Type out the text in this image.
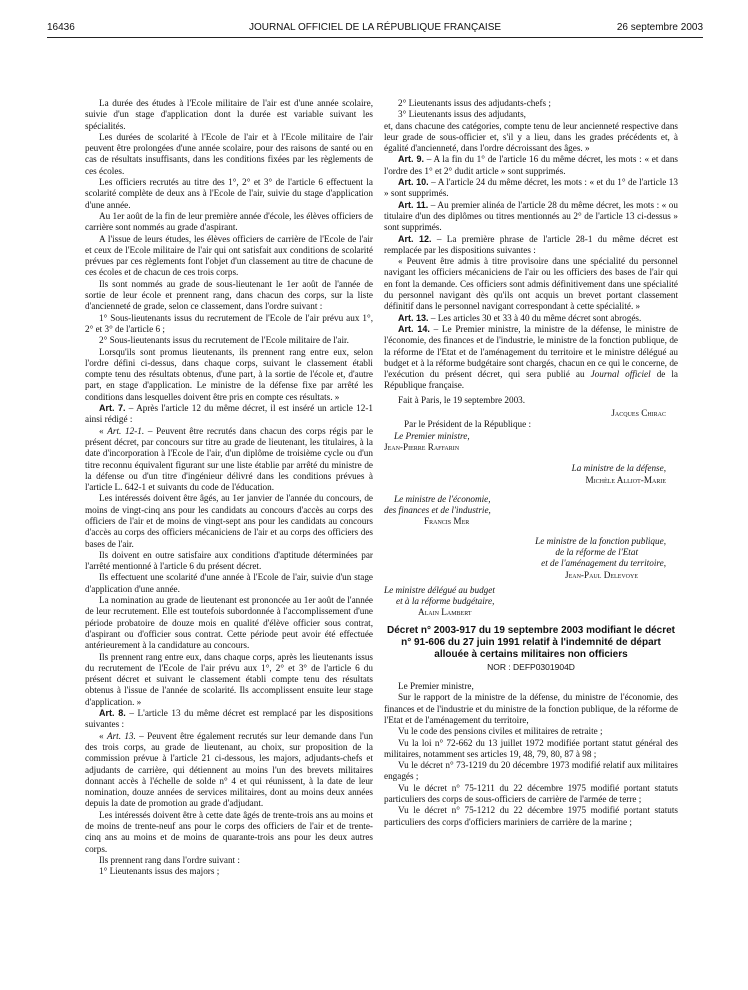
16436	JOURNAL OFFICIEL DE LA RÉPUBLIQUE FRANÇAISE	26 septembre 2003

La durée des études à l'Ecole militaire de l'air est d'une année scolaire, suivie d'un stage d'application dont la durée est variable suivant les spécialités.

Les durées de scolarité à l'Ecole de l'air et à l'Ecole militaire de l'air peuvent être prolongées d'une année scolaire, pour des raisons de santé ou en cas de résultats insuffisants, dans les conditions fixées par les règlements de ces écoles.

Les officiers recrutés au titre des 1°, 2° et 3° de l'article 6 effectuent la scolarité complète de deux ans à l'Ecole de l'air, suivie du stage d'application d'une année.

Au 1er août de la fin de leur première année d'école, les élèves officiers de carrière sont nommés au grade d'aspirant.

A l'issue de leurs études, les élèves officiers de carrière de l'Ecole de l'air et ceux de l'Ecole militaire de l'air qui ont satisfait aux conditions de scolarité prévues par ces règlements font l'objet d'un classement au titre de chacune de ces écoles et de chacun de ces trois corps.

Ils sont nommés au grade de sous-lieutenant le 1er août de l'année de sortie de leur école et prennent rang, dans chacun des corps, sur la liste d'ancienneté de grade, selon ce classement, dans l'ordre suivant :

1° Sous-lieutenants issus du recrutement de l'Ecole de l'air prévu aux 1°, 2° et 3° de l'article 6 ;

2° Sous-lieutenants issus du recrutement de l'Ecole militaire de l'air.

Lorsqu'ils sont promus lieutenants, ils prennent rang entre eux, selon l'ordre défini ci-dessus, dans chaque corps, suivant le classement établi compte tenu des résultats obtenus, d'une part, à la sortie de l'école et, d'autre part, en stage d'application. Le ministre de la défense fixe par arrêté les conditions dans lesquelles doivent être pris en compte ces résultats. »

Art. 7. – Après l'article 12 du même décret, il est inséré un article 12-1 ainsi rédigé :

« Art. 12-1. – Peuvent être recrutés dans chacun des corps régis par le présent décret, par concours sur titre au grade de lieutenant, les titulaires, à la date d'incorporation à l'Ecole de l'air, d'un diplôme de troisième cycle ou d'un titre reconnu équivalent figurant sur une liste établie par arrêté du ministre de la défense ou d'un titre d'ingénieur délivré dans les conditions prévues à l'article L. 642-1 et suivants du code de l'éducation.

Les intéressés doivent être âgés, au 1er janvier de l'année du concours, de moins de vingt-cinq ans pour les candidats au concours d'accès au corps des officiers de l'air et de moins de vingt-sept ans pour les candidats au concours d'accès au corps des officiers mécaniciens de l'air et au corps des officiers des bases de l'air.

Ils doivent en outre satisfaire aux conditions d'aptitude déterminées par l'arrêté mentionné à l'article 6 du présent décret.

Ils effectuent une scolarité d'une année à l'Ecole de l'air, suivie d'un stage d'application d'une année.

La nomination au grade de lieutenant est prononcée au 1er août de l'année de leur recrutement. Elle est toutefois subordonnée à l'accomplissement d'une période probatoire de douze mois en qualité d'élève officier sous contrat, d'aspirant ou d'officier sous contrat. Cette période peut avoir été effectuée antérieurement à la candidature au concours.

Ils prennent rang entre eux, dans chaque corps, après les lieutenants issus du recrutement de l'Ecole de l'air prévu aux 1°, 2° et 3° de l'article 6 du présent décret et suivant le classement établi compte tenu des résultats obtenus à l'issue de l'année de scolarité. Ils accomplissent ensuite leur stage d'application. »

Art. 8. – L'article 13 du même décret est remplacé par les dispositions suivantes :

« Art. 13. – Peuvent être également recrutés sur leur demande dans l'un des trois corps, au grade de lieutenant, au choix, sur proposition de la commission prévue à l'article 21 ci-dessous, les majors, adjudants-chefs et adjudants de carrière, qui détiennent au moins l'un des brevets militaires donnant accès à l'échelle de solde n° 4 et qui réunissent, à la date de leur nomination, douze années de services militaires, dont au moins deux années depuis la date de promotion au grade d'adjudant.

Les intéressés doivent être à cette date âgés de trente-trois ans au moins et de moins de trente-neuf ans pour le corps des officiers de l'air et de trente-cinq ans au moins et de moins de quarante-trois ans pour les deux autres corps.

Ils prennent rang dans l'ordre suivant :

1° Lieutenants issus des majors ;

2° Lieutenants issus des adjudants-chefs ;

3° Lieutenants issus des adjudants,

et, dans chacune des catégories, compte tenu de leur ancienneté respective dans leur grade de sous-officier et, s'il y a lieu, dans les grades précédents et, à égalité d'ancienneté, dans l'ordre décroissant des âges. »

Art. 9. – A la fin du 1° de l'article 16 du même décret, les mots : « et dans l'ordre des 1° et 2° dudit article » sont supprimés.

Art. 10. – A l'article 24 du même décret, les mots : « et du 1° de l'article 13 » sont supprimés.

Art. 11. – Au premier alinéa de l'article 28 du même décret, les mots : « ou titulaire d'un des diplômes ou titres mentionnés au 2° de l'article 13 ci-dessus » sont supprimés.

Art. 12. – La première phrase de l'article 28-1 du même décret est remplacée par les dispositions suivantes :

« Peuvent être admis à titre provisoire dans une spécialité du personnel navigant les officiers mécaniciens de l'air ou les officiers des bases de l'air qui en font la demande. Ces officiers sont admis définitivement dans une spécialité du personnel navigant dès qu'ils ont acquis un brevet portant classement définitif dans le personnel navigant correspondant à cette spécialité. »

Art. 13. – Les articles 30 et 33 à 40 du même décret sont abrogés.

Art. 14. – Le Premier ministre, la ministre de la défense, le ministre de l'économie, des finances et de l'industrie, le ministre de la fonction publique, de la réforme de l'Etat et de l'aménagement du territoire et le ministre délégué au budget et à la réforme budgétaire sont chargés, chacun en ce qui le concerne, de l'exécution du présent décret, qui sera publié au Journal officiel de la République française.

Fait à Paris, le 19 septembre 2003.

Jacques Chirac
Par le Président de la République :
Le Premier ministre,
Jean-Pierre Raffarin
La ministre de la défense,
Michèle Alliot-Marie
Le ministre de l'économie,
des finances et de l'industrie,
Francis Mer
Le ministre de la fonction publique,
de la réforme de l'Etat
et de l'aménagement du territoire,
Jean-Paul Delevoye
Le ministre délégué au budget
et à la réforme budgétaire,
Alain Lambert
Décret n° 2003-917 du 19 septembre 2003 modifiant le décret n° 91-606 du 27 juin 1991 relatif à l'indemnité de départ allouée à certains militaires non officiers
NOR : DEFP0301904D

Le Premier ministre,

Sur le rapport de la ministre de la défense, du ministre de l'économie, des finances et de l'industrie et du ministre de la fonction publique, de la réforme de l'Etat et de l'aménagement du territoire,

Vu le code des pensions civiles et militaires de retraite ;

Vu la loi n° 72-662 du 13 juillet 1972 modifiée portant statut général des militaires, notamment ses articles 19, 48, 79, 80, 87 à 98 ;

Vu le décret n° 73-1219 du 20 décembre 1973 modifié relatif aux militaires engagés ;

Vu le décret n° 75-1211 du 22 décembre 1975 modifié portant statuts particuliers des corps de sous-officiers de carrière de l'armée de terre ;

Vu le décret n° 75-1212 du 22 décembre 1975 modifié portant statuts particuliers des corps d'officiers mariniers de carrière de la marine ;
